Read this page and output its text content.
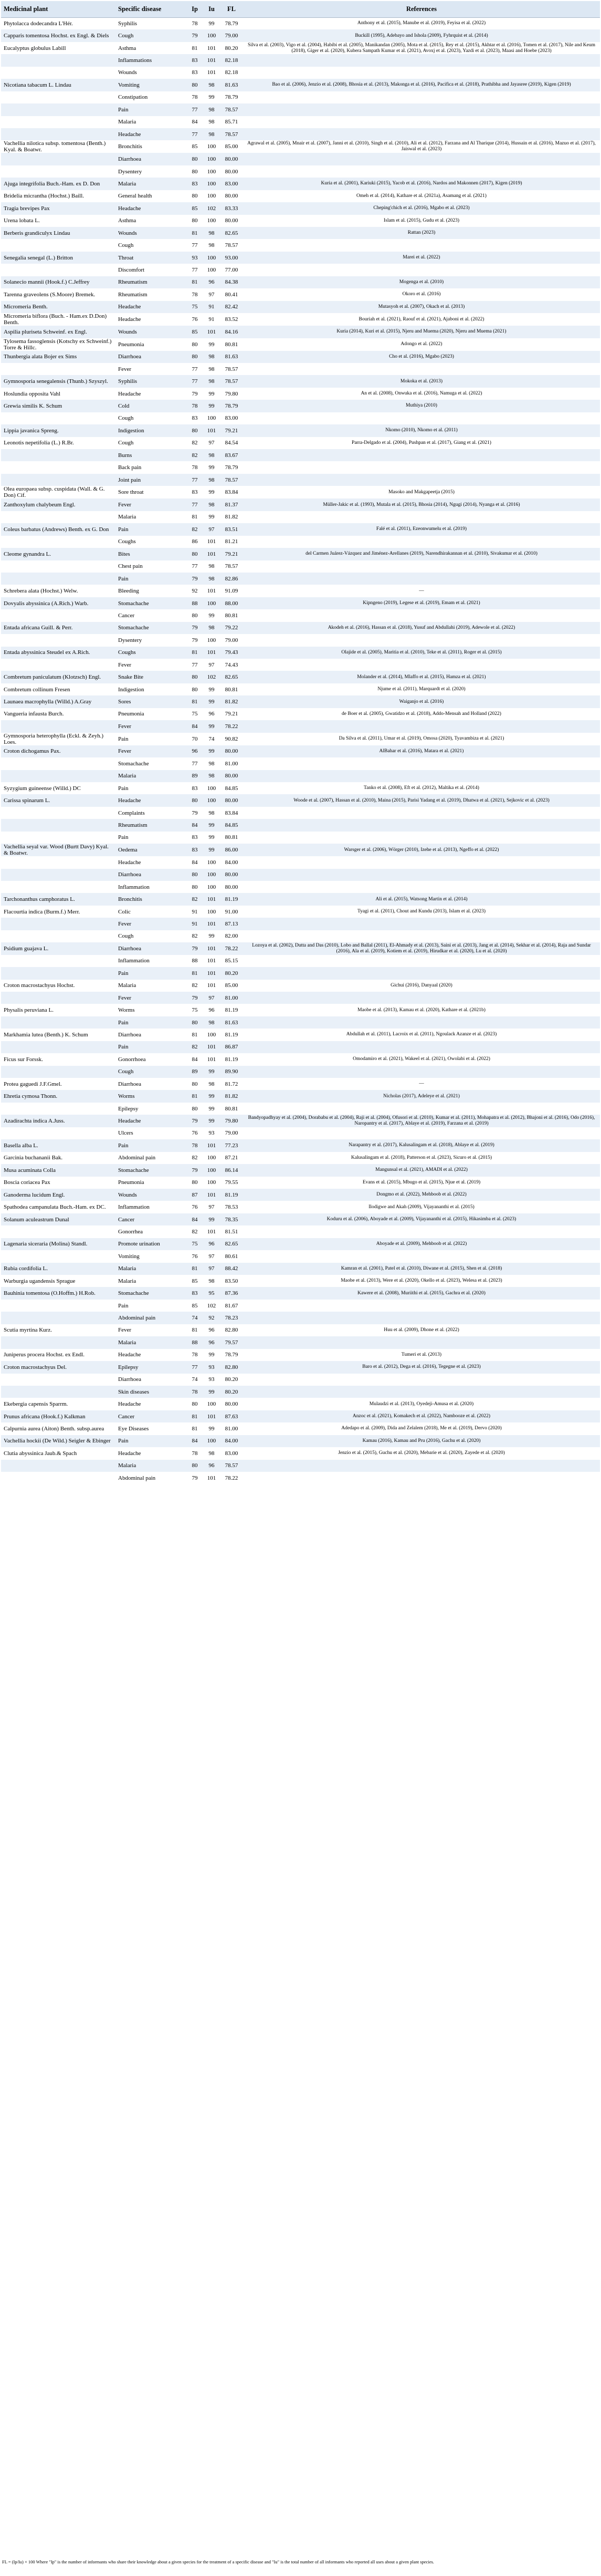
Medicinal plant	Specific disease	Ip	Iu	FL	References
Phytolacca dodecandra L'Hér.	Syphilis	78	99	78.79	Anthony et al. (2015), Manube et al. (2019), Feyisa et al. (2022)
Capparis tomentosa Hochst. ex Engl. & Diels	Cough	79	100	79.00	Buckill (1995), Adebayo and Ishola (2009), Fyhrquist et al. (2014)
Eucalyptus globulus Labill	Asthma	81	101	80.20	Silva et al. (2003), Vigo et al. (2004), Habibi et al. (2005), Manikandan (2005), Mota et al. (2015), Rey et al. (2015), Akhtar et al. (2016), Tomen et al. (2017), Nile and Keum (2018), Giger et al. (2020), Kubera Sampath Kumar et al. (2021), Avoxj et al. (2023), Yazdi et al. (2023), Maasi and Hoebe (2023)
	Inflammations	83	101	82.18	
	Wounds	83	101	82.18	
Nicotiana tabacum L. Lindau	Vomiting	80	98	81.63	Bao et al. (2006), Jenzio et al. (2008), Bhosia et al. (2013), Makonga et al. (2016), Pacifica et al. (2018), Prathibha and Jayasree (2019), Kigen (2019)
	Constipation	78	99	78.79	
	Pain	77	98	78.57	
	Malaria	84	98	85.71	
	Headache	77	98	78.57	
Vachellia nilotica subsp. tomentosa (Benth.) Kyal. & Boatwr.	Bronchitis	85	100	85.00	Agrawal et al. (2005), Mnair et al. (2007), Janni et al. (2010), Singh et al. (2010), Ali et al. (2012), Farzana and Al Tharique (2014), Hussain et al. (2016), Mazuo et al. (2017), Jaiswal et al. (2023)
	Diarrhoea	80	100	80.00	
	Dysentery	80	100	80.00	
Ajuga integrifolia Buch.-Ham. ex D. Don	Malaria	83	100	83.00	Kuria et al. (2001), Kariuki (2015), Yacob et al. (2016), Nardos and Makonnen (2017), Kigen (2019)
Bridelia micrantha (Hochst.) Baill.	General health	80	100	80.00	Omeh et al. (2014), Kathare et al. (2021a), Asamang et al. (2021)
Tragia brevipes Pax	Headache	85	102	83.33	Cheping'chich et al. (2016), Mgabo et al. (2023)
Urena lobata L.	Asthma	80	100	80.00	Islam et al. (2015), Gudu et al. (2023)
Berberis grandiculyx Lindau	Wounds	81	98	82.65	Rattan (2023)
	Cough	77	98	78.57	
Senegalia senegal (L.) Britton	Throat	93	100	93.00	Marei et al. (2022)
	Discomfort	77	100	77.00	
Solanecio mannii (Hook.f.) C.Jeffrey	Rheumatism	81	96	84.38	Mogenga et al. (2010)
Tarenna graveolens (S.Moore) Bremek.	Rheumatism	78	97	80.41	Okoro et al. (2016)
Micromeria Benth.	Headache	75	91	82.42	Mutasyoh et al. (2007), Okach et al. (2013)
Micromeria biflora (Buch. - Ham.ex D.Don) Benth.	Headache	76	91	83.52	Bouriah et al. (2021), Raouf et al. (2021), Ajaboni et al. (2022)
Aspilia pluriseta Schweinf. ex Engl.	Wounds	85	101	84.16	Kuria (2014), Kuri et al. (2015), Njeru and Muema (2020), Njeru and Muema (2021)
Tylosema fassoglensis (Kotschy ex Schweinf.) Torre & Hillc.	Pneumonia	80	99	80.81	Adongo et al. (2022)
Thunbergia alata Bojer ex Sims	Diarrhoea	80	98	81.63	Cho et al. (2016), Mgabo (2023)
	Fever	77	98	78.57	
Gymnosporia senegalensis (Thunb.) Szyszyl.	Syphilis	77	98	78.57	Mokoka et al. (2013)
Hoslundia opposita Vahl	Headache	79	99	79.80	An et al. (2008), Onwuka et al. (2016), Namuga et al. (2022)
Grewia similis K. Schum	Cold	78	99	78.79	Muthiya (2010)
	Cough	83	100	83.00	
Lippia javanica Spreng.	Indigestion	80	101	79.21	Nkomo (2010), Nkomo et al. (2011)
Leonotis nepetifolia (L.) R.Br.	Cough	82	97	84.54	Parra-Delgado et al. (2004), Pushpan et al. (2017), Giang et al. (2021)
	Burns	82	98	83.67	
	Back pain	78	99	78.79	
	Joint pain	77	98	78.57	
Olea europaea subsp. cuspidata (Wall. & G. Don) Cif.	Sore throat	83	99	83.84	Masoko and Makgapeetja (2015)
Zanthoxylum chalybeum Engl.	Fever	77	98	81.37	Müller-Jakic et al. (1993), Mutala et al. (2015), Bhosia (2014), Ngugi (2014), Nyanga et al. (2016)
	Malaria	81	99	81.82	
Coleus barbatus (Andrews) Benth. ex G. Don	Pain	82	97	83.51	Falé et al. (2011), Ezeonwumelu et al. (2019)
	Coughs	86	101	81.21	
Cleome gynandra L.	Bites	80	101	79.21	del Carmen Juárez-Vázquez and Jiménez-Arellanes (2019), Narendhirakannan et al. (2010), Sivakumar et al. (2010)
	Chest pain	77	98	78.57	
	Pain	79	98	82.86	
Schrebera alata (Hochst.) Welw.	Bleeding	92	101	91.09	—
Dovyalis abyssinica (A.Rich.) Warb.	Stomachache	88	100	88.00	Kipngeno (2019), Legese et al. (2019), Emam et al. (2021)
	Cancer	80	99	80.81	
Entada africana Guill. & Perr.	Stomachache	79	98	79.22	Akodeh et al. (2016), Hassan et al. (2018), Yusuf and Abdullahi (2019), Adewole et al. (2022)
	Dysentery	79	100	79.00	
Entada abyssinica Steudel ex A.Rich.	Coughs	81	101	79.43	Olajide et al. (2005), Maritia et al. (2010), Teke et al. (2011), Roger et al. (2015)
	Fever	77	97	74.43	
Combretum paniculatum (Klotzsch) Engl.	Snake Bite	80	102	82.65	Molander et al. (2014), Mlaffo et al. (2015), Hamza et al. (2021)
Combretum collinum Fresen	Indigestion	80	99	80.81	Njume et al. (2011), Marquardt et al. (2020)
Launaea macrophylla (Willd.) A.Gray	Sores	81	99	81.82	Waiganjo et al. (2016)
Vangueria infausta Burch.	Pneumonia	75	96	79.21	de Boer et al. (2005), Gwatidzo et al. (2018), Addo-Mensah and Holland (2022)
	Fever	84	99	78.22	
Gymnosporia heterophylla (Eckl. & Zeyh.) Loes.	Pain	70	74	90.82	Da Silva et al. (2011), Umar et al. (2019), Omosa (2020), Tyavambiza et al. (2021)
Croton dichogamus Pax.	Fever	96	99	80.00	AlBahar et al. (2016), Matara et al. (2021)
	Stomachache	77	98	81.00	
	Malaria	89	98	80.00	
Syzygium guineense (Willd.) DC	Pain	83	100	84.85	Tanko et al. (2008), Eft et al. (2012), Maltika et al. (2014)
Carissa spinarum L.	Headache	80	100	80.00	Woode et al. (2007), Hassan et al. (2010), Maina (2015), Parisi Yadang et al. (2019), Dhatwa et al. (2021), Sejkovic et al. (2023)
	Complaints	79	98	83.84	
	Rheumatism	84	99	84.85	
	Pain	83	99	80.81	
Vachellia seyal var. Wood (Burtt Davy) Kyal. & Boatwr.	Oedema	83	99	86.00	Warsger et al. (2006), Wörger (2010), Izehe et al. (2013), Ngeffo et al. (2022)
	Headache	84	100	84.00	
	Diarrhoea	80	100	80.00	
	Inflammation	80	100	80.00	
Tarchonanthus camphoratus L.	Bronchitis	82	101	81.19	Ali et al. (2015), Watsong Martin et al. (2014)
Flacourtia indica (Burm.f.) Merr.	Colic	91	100	91.00	Tyagi et al. (2011), Chout and Kundu (2013), Islam et al. (2023)
	Fever	91	101	87.13	
	Cough	82	99	82.00	
Psidium guajava L.	Diarrhoea	79	101	78.22	Lozoya et al. (2002), Dutta and Das (2010), Lobo and Ballal (2011), El-Ahmady et al. (2013), Saini et al. (2013), Jang et al. (2014), Sekhar et al. (2014), Raja and Sundar (2016), Ala et al. (2019), Kotiem et al. (2019), Hirudkar et al. (2020), Lu et al. (2020)
	Inflammation	88	101	85.15	
	Pain	81	101	80.20	
Croton macrostachyus Hochst.	Malaria	82	101	85.00	Gichui (2016), Danyaal (2020)
	Fever	79	97	81.00	
Physalis peruviana L.	Worms	75	96	81.19	Maobe et al. (2013), Kamau et al. (2020), Kathare et al. (2021b)
	Pain	80	98	81.63	
Markhamia lutea (Benth.) K. Schum	Diarrhoea	81	100	81.19	Abdullah et al. (2011), Lacroix et al. (2011), Ngoulack Azanze et al. (2023)
	Pain	82	101	86.87	
Ficus sur Forssk.	Gonorrhoea	84	101	81.19	Omodamiro et al. (2021), Wakeel et al. (2021), Owolabi et al. (2022)
	Cough	89	99	89.90	
Protea gaguedi J.F.Gmel.	Diarrhoea	80	98	81.72	—
Ehretia cymosa Thonn.	Worms	81	99	81.82	Nicholas (2017), Adeleye et al. (2021)
	Epilepsy	80	99	80.81	
Azadirachta indica A.Juss.	Headache	79	99	79.80	Bandyopadhyay et al. (2004), Dorababu et al. (2004), Raji et al. (2004), Ofusori et al. (2010), Kumar et al. (2011), Mohapatra et al. (2012), Bhajoni et al. (2016), Odo (2016), Naropantry et al. (2017), Ablaye et al. (2019), Farzana et al. (2019)
	Ulcers	76	93	79.00	
Basella alba L.	Pain	78	101	77.23	Narapantry et al. (2017), Kalusalingam et al. (2018), Ablaye et al. (2019)
Garcinia buchananii Bak.	Abdominal pain	82	100	87.21	Kalusalingam et al. (2018), Patterson et al. (2023), Sicuro et al. (2015)
Musa acuminata Colla	Stomachache	79	100	86.14	Mangunsal et al. (2021), AMADI et al. (2022)
Boscia coriacea Pax	Pneumonia	80	100	79.55	Evans et al. (2015), Mbugo et al. (2015), Njue et al. (2019)
Ganoderma lucidum Engl.	Wounds	87	101	81.19	Dongmo et al. (2022), Mehboob et al. (2022)
Spathodea campanulata Buch.-Ham. ex DC.	Inflammation	76	97	78.53	Ilodigwe and Akah (2009), Vijayananthi et al. (2015)
Solanum aculeastrum Dunal	Cancer	84	99	78.35	Koduru et al. (2006), Aboyade et al. (2009), Vijayananthi et al. (2015), Hikasimba et al. (2023)
	Gonorrhea	82	101	81.51	
Lagenaria siceraria (Molina) Standl.	Promote urination	75	96	82.65	Aboyade et al. (2009), Mehboob et al. (2022)
	Vomiting	76	97	80.61	
Rubia cordifolia L.	Malaria	81	97	88.42	Kamran et al. (2001), Patel et al. (2010), Diwane et al. (2015), Shen et al. (2018)
Warburgia ugandensis Sprague	Malaria	85	98	83.50	Maobe et al. (2013), Were et al. (2020), Okello et al. (2023), Welesa et al. (2023)
Bauhinia tomentosa (O.Hoffm.) H.Rob.	Stomachache	83	95	87.36	Kawere et al. (2008), Muriithi et al. (2015), Gachra et al. (2020)
	Pain	85	102	81.67	
	Abdominal pain	74	92	78.23	
Scutia myrtina Kurz.	Fever	81	96	82.80	Huu et al. (2009), Dhone et al. (2022)
	Malaria	88	96	79.57	
Juniperus procera Hochst. ex Endl.	Headache	78	99	78.79	Tumeri et al. (2013)
Croton macrostachyus Del.	Epilepsy	77	93	82.80	Baro et al. (2012), Dega et al. (2016), Tegegne et al. (2023)
	Diarrhoea	74	93	80.20	
	Skin diseases	78	99	80.20	
Ekebergia capensis Sparrm.	Headache	80	100	80.00	Mulaudzi et al. (2013), Oyedeji-Amusa et al. (2020)
Prunus africana (Hook.f.) Kalkman	Cancer	81	101	87.63	Anzoc et al. (2021), Komakech et al. (2022), Nambooze et al. (2022)
Calpurnia aurea (Aiton) Benth. subsp.aurea	Eye Diseases	81	99	81.00	Adedapo et al. (2009), Dida and Zelalem (2018), Me et al. (2019), Dervo (2020)
Vachellia hockii (De Wild.) Seigler & Ebinger	Pain	84	100	84.00	Kamau (2016), Kamau and Pru (2016), Gachu et al. (2020)
Clutia abyssinica Jaub.& Spach	Headache	78	98	83.00	Jenzio et al. (2015), Guchu et al. (2020), Mebarie et al. (2020), Zayede et al. (2020)
	Malaria	80	96	78.57	
	Abdominal pain	79	101	78.22	
FL = (Ip/Iu) × 100 Where "Ip" is the number of informants who share their knowledge about a given species for the treatment of a specific disease and "Iu" is the total number of all informants who reported all uses about a given plant species.
